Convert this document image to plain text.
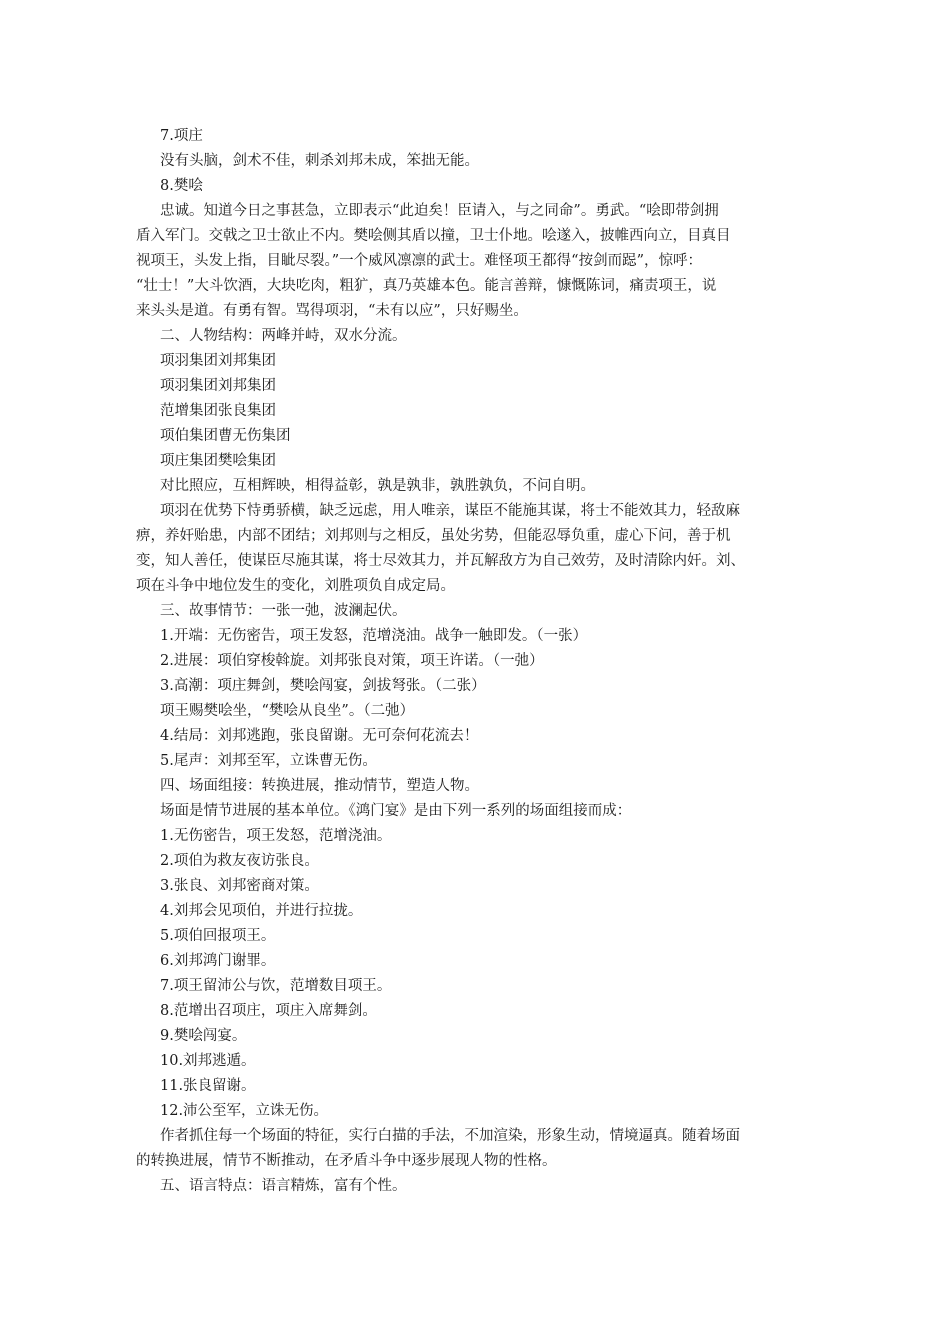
7.项庄

没有头脑，剑术不佳，刺杀刘邦未成，笨拙无能。

8.樊哙

忠诚。知道今日之事甚急，立即表示“此迫矣！臣请入，与之同命”。勇武。“哙即带剑拥

盾入军门。交戟之卫士欲止不内。樊哙侧其盾以撞，卫士仆地。哙遂入，披帷西向立，目真目

视项王，头发上指，目眦尽裂。”一个威风凛凛的武士。难怪项王都得“按剑而跽”，惊呼：

“壮士！”大斗饮酒，大块吃肉，粗犷，真乃英雄本色。能言善辩，慷慨陈词，痛责项王，说

来头头是道。有勇有智。骂得项羽，“未有以应”，只好赐坐。

二、人物结构：两峰并峙，双水分流。

项羽集团刘邦集团

项羽集团刘邦集团

范增集团张良集团

项伯集团曹无伤集团

项庄集团樊哙集团

对比照应，互相辉映，相得益彰，孰是孰非，孰胜孰负，不问自明。

项羽在优势下恃勇骄横，缺乏远虑，用人唯亲，谋臣不能施其谋，将士不能效其力，轻敌麻

痹，养奸贻患，内部不团结；刘邦则与之相反，虽处劣势，但能忍辱负重，虚心下问，善于机

变，知人善任，使谋臣尽施其谋，将士尽效其力，并瓦解敌方为自己效劳，及时清除内奸。刘、

项在斗争中地位发生的变化，刘胜项负自成定局。

三、故事情节：一张一弛，波澜起伏。

1.开端：无伤密告，项王发怒，范增浇油。战争一触即发。（一张）

2.进展：项伯穿梭斡旋。刘邦张良对策，项王许诺。（一弛）

3.高潮：项庄舞剑，樊哙闯宴，剑拔弩张。（二张）

项王赐樊哙坐，“樊哙从良坐”。（二弛）

4.结局：刘邦逃跑，张良留谢。无可奈何花流去！

5.尾声：刘邦至军，立诛曹无伤。

四、场面组接：转换进展，推动情节，塑造人物。

场面是情节进展的基本单位。《鸿门宴》是由下列一系列的场面组接而成：

1.无伤密告，项王发怒，范增浇油。

2.项伯为救友夜访张良。

3.张良、刘邦密商对策。

4.刘邦会见项伯，并进行拉拢。

5.项伯回报项王。

6.刘邦鸿门谢罪。

7.项王留沛公与饮，范增数目项王。

8.范增出召项庄，项庄入席舞剑。

9.樊哙闯宴。

10.刘邦逃遁。

11.张良留谢。

12.沛公至军，立诛无伤。

作者抓住每一个场面的特征，实行白描的手法，不加渲染，形象生动，情境逼真。随着场面

的转换进展，情节不断推动，在矛盾斗争中逐步展现人物的性格。

五、语言特点：语言精炼，富有个性。
